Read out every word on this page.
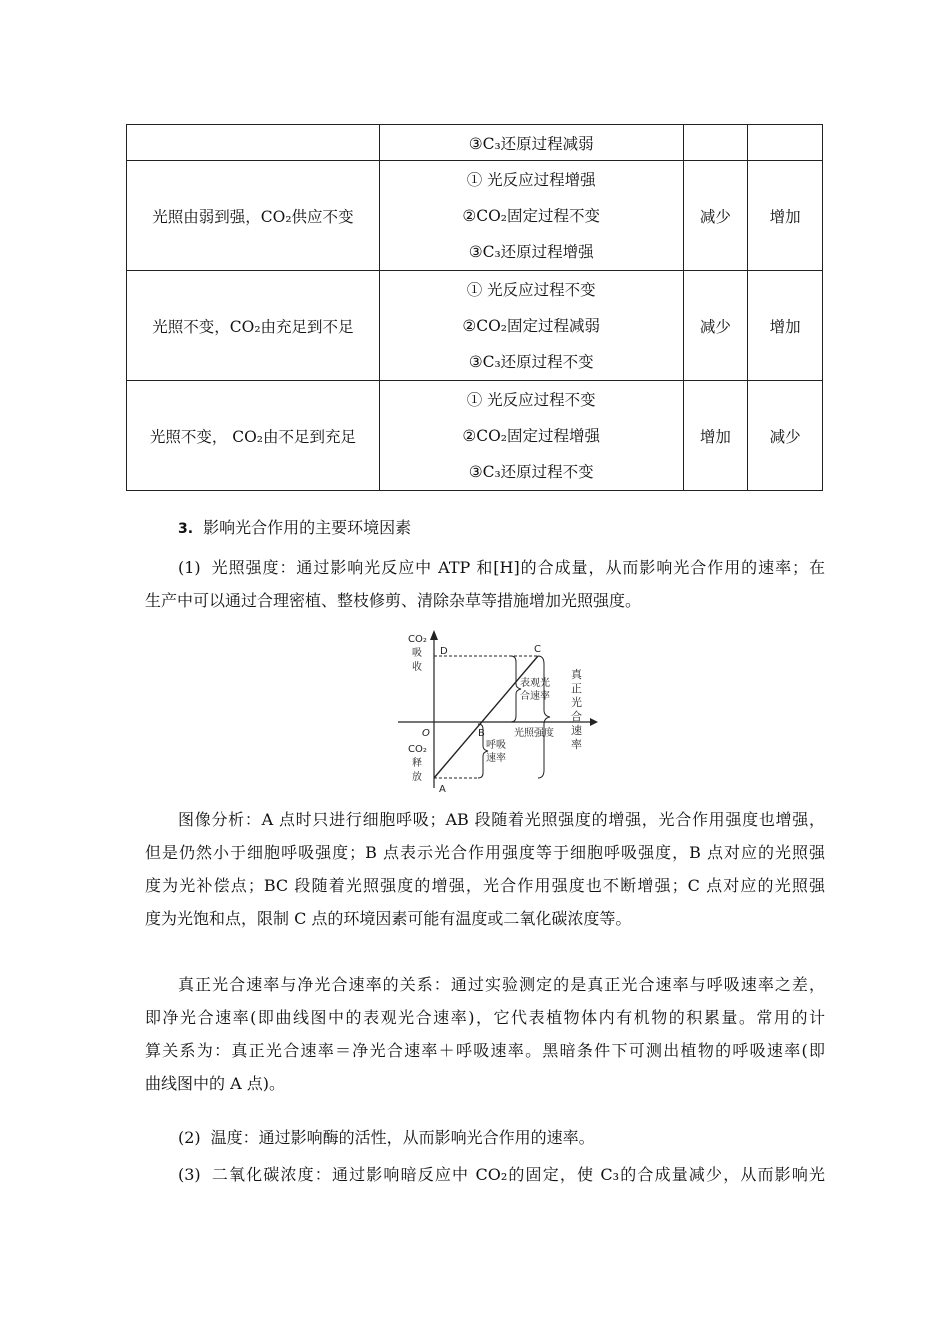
	③C₃还原过程减弱		

光照由弱到强，CO₂供应不变	① 光反应过程增强
②CO₂固定过程不变
③C₃还原过程增强	减少	增加
光照不变，CO₂由充足到不足	① 光反应过程不变
②CO₂固定过程减弱
③C₃还原过程不变	减少	增加
光照不变， CO₂由不足到充足	① 光反应过程不变
②CO₂固定过程增强
③C₃还原过程不变	增加	减少
3. 影响光合作用的主要环境因素
(1) 光照强度：通过影响光反应中 ATP 和[H]的合成量，从而影响光合作用的速率；在
生产中可以通过合理密植、整枝修剪、清除杂草等措施增加光照强度。
CO₂
吸
收
CO₂
释
放
D	C
O	B
A
表观光
合速率
呼吸
速率
光照强度
真
正
光
合
速
率
图像分析：A 点时只进行细胞呼吸；AB 段随着光照强度的增强，光合作用强度也增强，
但是仍然小于细胞呼吸强度；B 点表示光合作用强度等于细胞呼吸强度，B 点对应的光照强
度为光补偿点；BC 段随着光照强度的增强，光合作用强度也不断增强；C 点对应的光照强
度为光饱和点，限制 C 点的环境因素可能有温度或二氧化碳浓度等。
真正光合速率与净光合速率的关系：通过实验测定的是真正光合速率与呼吸速率之差，
即净光合速率(即曲线图中的表观光合速率)，它代表植物体内有机物的积累量。常用的计
算关系为：真正光合速率＝净光合速率＋呼吸速率。黑暗条件下可测出植物的呼吸速率(即
曲线图中的 A 点)。
(2) 温度：通过影响酶的活性，从而影响光合作用的速率。
(3) 二氧化碳浓度：通过影响暗反应中 CO₂的固定，使 C₃的合成量减少，从而影响光
